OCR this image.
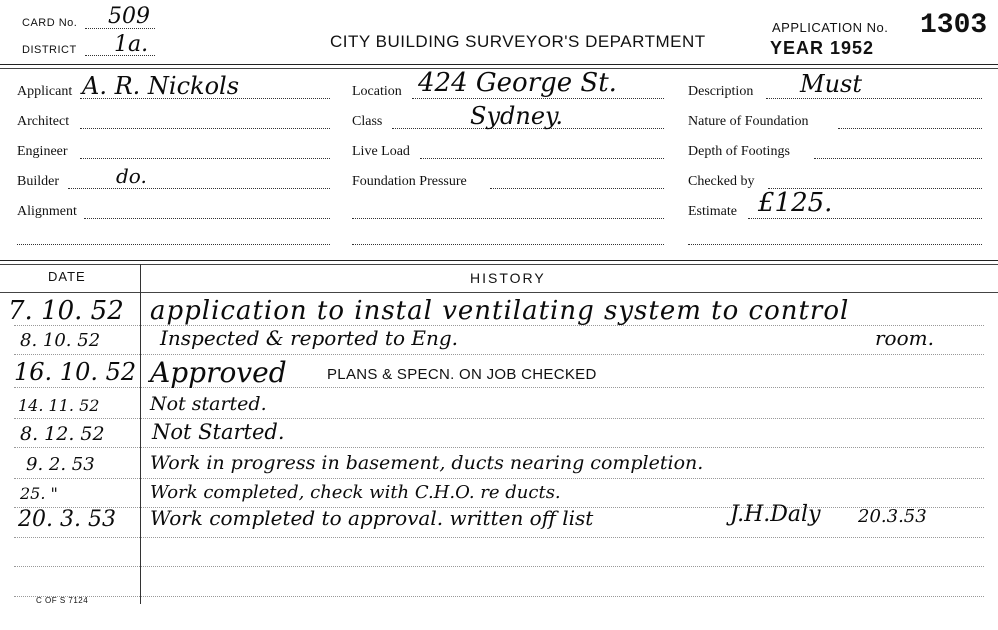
CARD No. 509
DISTRICT 1a.	CITY BUILDING SURVEYOR'S DEPARTMENT
APPLICATION No. 1303
YEAR 1952
Applicant A. R. Nickols
Architect
Engineer
Builder	do.
Alignment
Location 424 George St.
Class	Sydney.
Live Load
Foundation Pressure
Description Must
Nature of Foundation
Depth of Footings
Checked by
Estimate £125.
DATE	HISTORY
7. 10. 52 application to instal ventilating system to control
8. 10. 52	Inspected & reported to Eng.	room.
16. 10. 52 Approved	PLANS & SPECN. ON JOB CHECKED
14. 11. 52	Not started.
8. 12. 52 Not Started.
9. 2. 53	Work in progress in basement, ducts nearing completion.
25. "	Work completed, check with C.H.O. re ducts.
20. 3. 53 Work completed to approval. written off list	J.H.Daly 20.3.53
C OF S 7124
